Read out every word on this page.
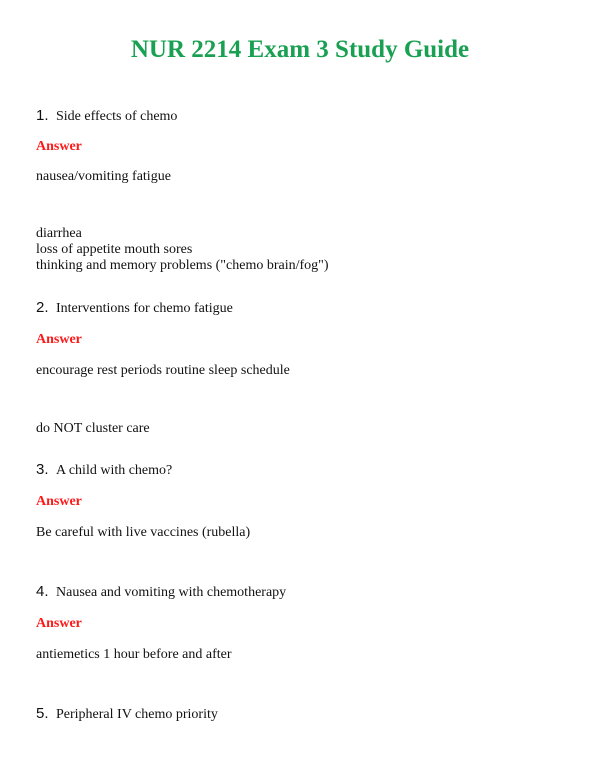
NUR 2214 Exam 3 Study Guide
1. Side effects of chemo
Answer
nausea/vomiting fatigue
diarrhea
loss of appetite mouth sores
thinking and memory problems ("chemo brain/fog")
2. Interventions for chemo fatigue
Answer
encourage rest periods routine sleep schedule
do NOT cluster care
3. A child with chemo?
Answer
Be careful with live vaccines (rubella)
4. Nausea and vomiting with chemotherapy
Answer
antiemetics 1 hour before and after
5. Peripheral IV chemo priority
